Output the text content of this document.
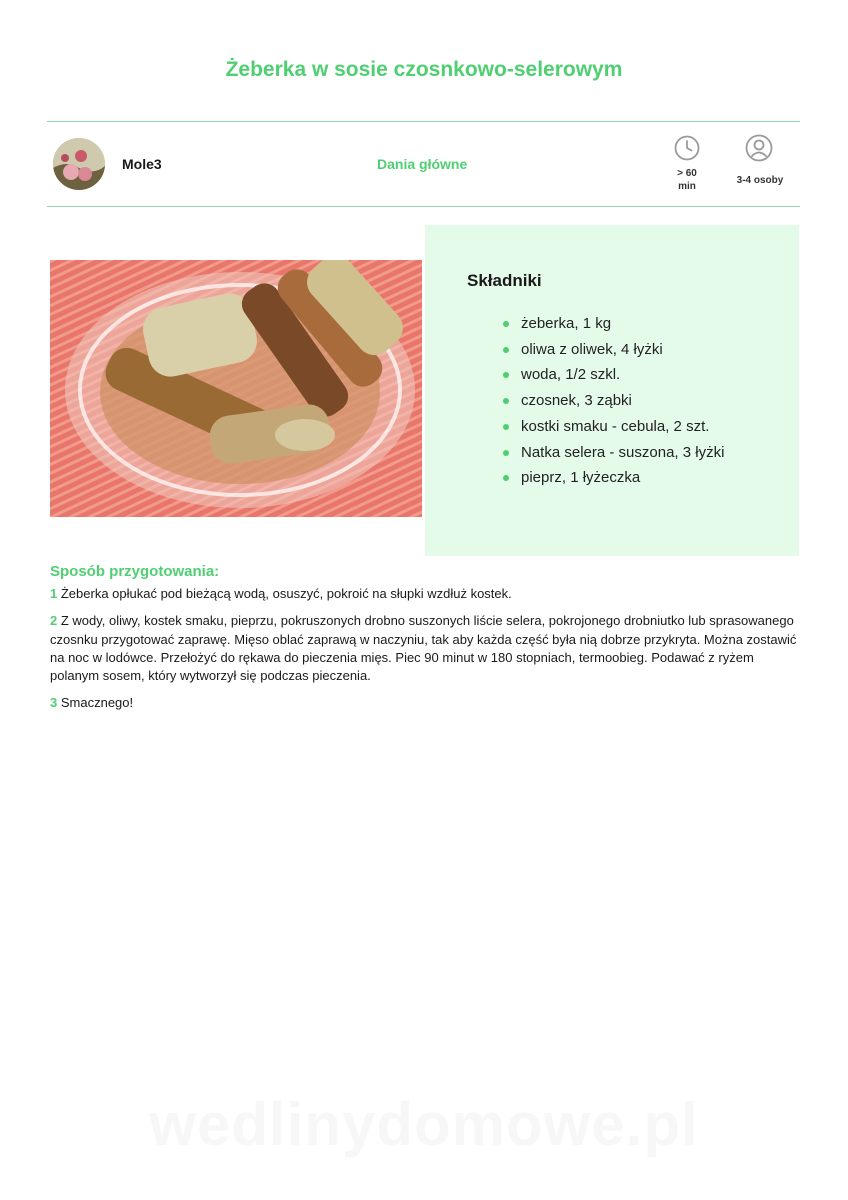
Żeberka w sosie czosnkowo-selerowym
Mole3	Dania główne
> 60 min
3-4 osoby
Składniki
żeberka, 1 kg
oliwa z oliwek, 4 łyżki
woda, 1/2 szkl.
czosnek, 3 ząbki
kostki smaku - cebula, 2 szt.
Natka selera - suszona, 3 łyżki
pieprz, 1 łyżeczka
Sposób przygotowania:

1 Żeberka opłukać pod bieżącą wodą, osuszyć, pokroić na słupki wzdłuż kostek.

2 Z wody, oliwy, kostek smaku, pieprzu, pokruszonych drobno suszonych liście selera, pokrojonego drobniutko lub sprasowanego czosnku przygotować zaprawę. Mięso oblać zaprawą w naczyniu, tak aby każda część była nią dobrze przykryta. Można zostawić na noc w lodówce. Przełożyć do rękawa do pieczenia mięs. Piec 90 minut w 180 stopniach, termoobieg. Podawać z ryżem polanym sosem, który wytworzył się podczas pieczenia.

3 Smacznego!

wedlinydomowe.pl
